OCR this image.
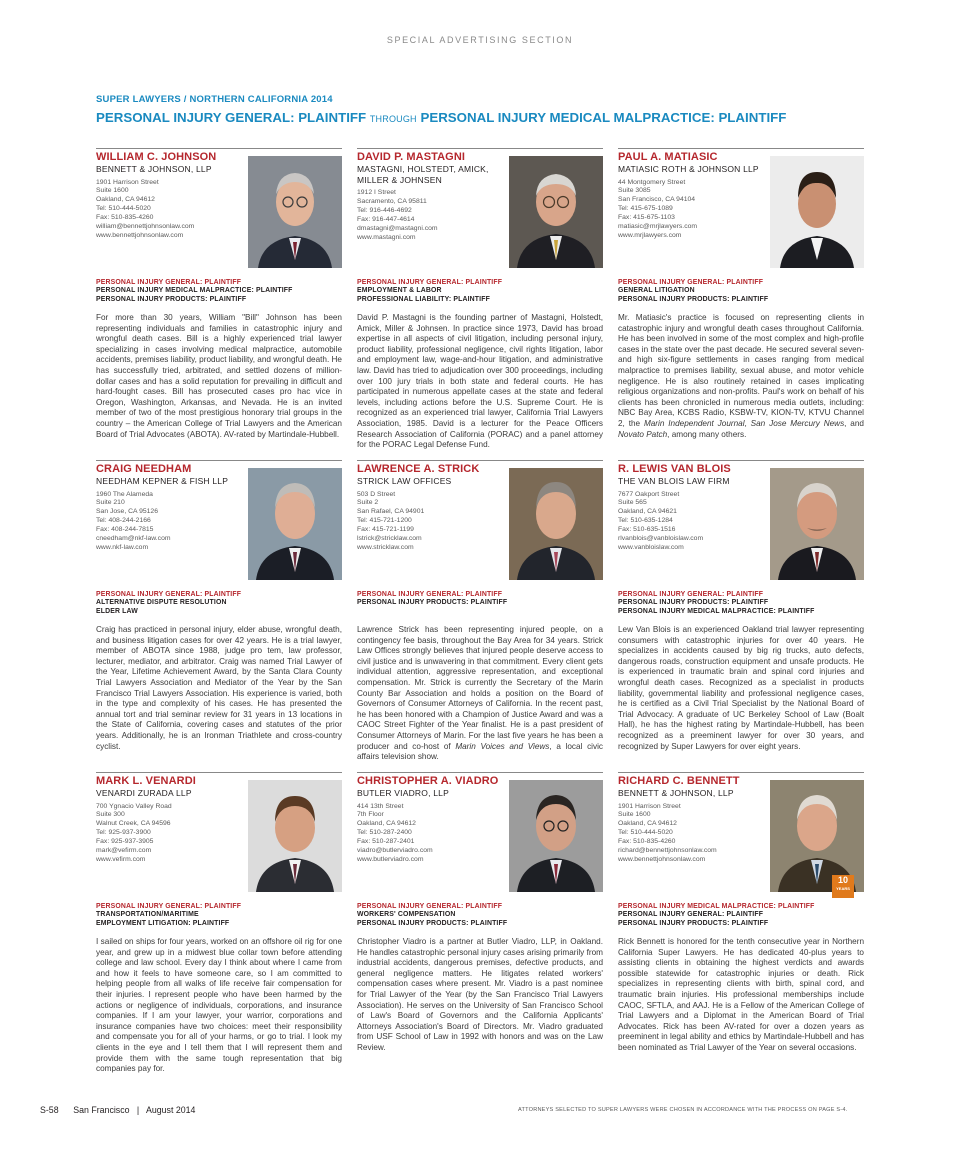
SPECIAL ADVERTISING SECTION
SUPER LAWYERS / NORTHERN CALIFORNIA 2014
PERSONAL INJURY GENERAL: PLAINTIFF THROUGH PERSONAL INJURY MEDICAL MALPRACTICE: PLAINTIFF
WILLIAM C. JOHNSON
BENNETT & JOHNSON, LLP
1901 Harrison Street
Suite 1600
Oakland, CA 94612
Tel: 510-444-5020
Fax: 510-835-4260
william@bennettjohnsonlaw.com
www.bennettjohnsonlaw.com
PERSONAL INJURY GENERAL: PLAINTIFF
PERSONAL INJURY MEDICAL MALPRACTICE: PLAINTIFF
PERSONAL INJURY PRODUCTS: PLAINTIFF
For more than 30 years, William "Bill" Johnson has been representing individuals and families in catastrophic injury and wrongful death cases. Bill is a highly experienced trial lawyer specializing in cases involving medical malpractice, automobile accidents, premises liability, product liability, and wrongful death. He has successfully tried, arbitrated, and settled dozens of million-dollar cases and has a solid reputation for prevailing in difficult and hard-fought cases. Bill has prosecuted cases pro hac vice in Oregon, Washington, Arkansas, and Nevada. He is an invited member of two of the most prestigious honorary trial groups in the country – the American College of Trial Lawyers and the American Board of Trial Advocates (ABOTA). AV-rated by Martindale-Hubbell.
DAVID P. MASTAGNI
MASTAGNI, HOLSTEDT, AMICK, MILLER & JOHNSEN
1912 I Street
Sacramento, CA 95811
Tel: 916-446-4692
Fax: 916-447-4614
dmastagni@mastagni.com
www.mastagni.com
PERSONAL INJURY GENERAL: PLAINTIFF
EMPLOYMENT & LABOR
PROFESSIONAL LIABILITY: PLAINTIFF
David P. Mastagni is the founding partner of Mastagni, Holstedt, Amick, Miller & Johnsen. In practice since 1973, David has broad expertise in all aspects of civil litigation, including personal injury, product liability, professional negligence, civil rights litigation, labor and employment law, wage-and-hour litigation, and administrative law. David has tried to adjudication over 300 proceedings, including over 100 jury trials in both state and federal courts. He has participated in numerous appellate cases at the state and federal levels, including actions before the U.S. Supreme Court. He is recognized as an experienced trial lawyer, California Trial Lawyers Association, 1985. David is a lecturer for the Peace Officers Research Association of California (PORAC) and a panel attorney for the PORAC Legal Defense Fund.
PAUL A. MATIASIC
MATIASIC ROTH & JOHNSON LLP
44 Montgomery Street
Suite 3085
San Francisco, CA 94104
Tel: 415-675-1089
Fax: 415-675-1103
matiasic@mrjlawyers.com
www.mrjlawyers.com
PERSONAL INJURY GENERAL: PLAINTIFF
GENERAL LITIGATION
PERSONAL INJURY PRODUCTS: PLAINTIFF
Mr. Matiasic's practice is focused on representing clients in catastrophic injury and wrongful death cases throughout California. He has been involved in some of the most complex and high-profile cases in the state over the past decade. He secured several seven- and high six-figure settlements in cases ranging from medical malpractice to premises liability, sexual abuse, and motor vehicle negligence. He is also routinely retained in cases implicating religious organizations and non-profits. Paul's work on behalf of his clients has been chronicled in numerous media outlets, including: NBC Bay Area, KCBS Radio, KSBW-TV, KION-TV, KTVU Channel 2, the Marin Independent Journal, San Jose Mercury News, and Novato Patch, among many others.
CRAIG NEEDHAM
NEEDHAM KEPNER & FISH LLP
1960 The Alameda
Suite 210
San Jose, CA 95126
Tel: 408-244-2166
Fax: 408-244-7815
cneedham@nkf-law.com
www.nkf-law.com
PERSONAL INJURY GENERAL: PLAINTIFF
ALTERNATIVE DISPUTE RESOLUTION
ELDER LAW
Craig has practiced in personal injury, elder abuse, wrongful death, and business litigation cases for over 42 years. He is a trial lawyer, member of ABOTA since 1988, judge pro tem, law professor, lecturer, mediator, and arbitrator. Craig was named Trial Lawyer of the Year, Lifetime Achievement Award, by the Santa Clara County Trial Lawyers Association and Mediator of the Year by the San Francisco Trial Lawyers Association. His experience is varied, both in the type and complexity of his cases. He has presented the annual tort and trial seminar review for 31 years in 13 locations in the State of California, covering cases and statutes of the prior years. Additionally, he is an Ironman Triathlete and cross-country cyclist.
LAWRENCE A. STRICK
STRICK LAW OFFICES
503 D Street
Suite 2
San Rafael, CA 94901
Tel: 415-721-1200
Fax: 415-721-1199
lstrick@stricklaw.com
www.stricklaw.com
PERSONAL INJURY GENERAL: PLAINTIFF
PERSONAL INJURY PRODUCTS: PLAINTIFF
Lawrence Strick has been representing injured people, on a contingency fee basis, throughout the Bay Area for 34 years. Strick Law Offices strongly believes that injured people deserve access to civil justice and is unwavering in that commitment. Every client gets individual attention, aggressive representation, and exceptional compensation. Mr. Strick is currently the Secretary of the Marin County Bar Association and holds a position on the Board of Governors of Consumer Attorneys of California. In the recent past, he has been honored with a Champion of Justice Award and was a CAOC Street Fighter of the Year finalist. He is a past president of Consumer Attorneys of Marin. For the last five years he has been a producer and co-host of Marin Voices and Views, a local civic affairs television show.
R. LEWIS VAN BLOIS
THE VAN BLOIS LAW FIRM
7677 Oakport Street
Suite 565
Oakland, CA 94621
Tel: 510-635-1284
Fax: 510-635-1516
rlvanblois@vanbloislaw.com
www.vanbloislaw.com
PERSONAL INJURY GENERAL: PLAINTIFF
PERSONAL INJURY PRODUCTS: PLAINTIFF
PERSONAL INJURY MEDICAL MALPRACTICE: PLAINTIFF
Lew Van Blois is an experienced Oakland trial lawyer representing consumers with catastrophic injuries for over 40 years. He specializes in accidents caused by big rig trucks, auto defects, dangerous roads, construction equipment and unsafe products. He is experienced in traumatic brain and spinal cord injuries and wrongful death cases. Recognized as a specialist in products liability, governmental liability and professional negligence cases, he is certified as a Civil Trial Specialist by the National Board of Trial Advocacy. A graduate of UC Berkeley School of Law (Boalt Hall), he has the highest rating by Martindale-Hubbell, has been recognized as a preeminent lawyer for over 30 years, and recognized by Super Lawyers for over eight years.
MARK L. VENARDI
VENARDI ZURADA LLP
700 Ygnacio Valley Road
Suite 300
Walnut Creek, CA 94596
Tel: 925-937-3900
Fax: 925-937-3905
mark@vefirm.com
www.vefirm.com
PERSONAL INJURY GENERAL: PLAINTIFF
TRANSPORTATION/MARITIME
EMPLOYMENT LITIGATION: PLAINTIFF
I sailed on ships for four years, worked on an offshore oil rig for one year, and grew up in a midwest blue collar town before attending college and law school. Every day I think about where I came from and how it feels to have someone care, so I am committed to helping people from all walks of life receive fair compensation for their injuries. I represent people who have been harmed by the actions or negligence of individuals, corporations, and insurance companies. If I am your lawyer, your warrior, corporations and insurance companies have two choices: meet their responsibility and compensate you for all of your harms, or go to trial. I look my clients in the eye and I tell them that I will represent them and provide them with the same tough representation that big companies pay for.
CHRISTOPHER A. VIADRO
BUTLER VIADRO, LLP
414 13th Street
7th Floor
Oakland, CA 94612
Tel: 510-287-2400
Fax: 510-287-2401
viadro@butlerviadro.com
www.butlerviadro.com
PERSONAL INJURY GENERAL: PLAINTIFF
WORKERS' COMPENSATION
PERSONAL INJURY PRODUCTS: PLAINTIFF
Christopher Viadro is a partner at Butler Viadro, LLP, in Oakland. He handles catastrophic personal injury cases arising primarily from industrial accidents, dangerous premises, defective products, and general negligence matters. He litigates related workers' compensation cases where present. Mr. Viadro is a past nominee for Trial Lawyer of the Year (by the San Francisco Trial Lawyers Association). He serves on the University of San Francisco School of Law's Board of Governors and the California Applicants' Attorneys Association's Board of Directors. Mr. Viadro graduated from USF School of Law in 1992 with honors and was on the Law Review.
RICHARD C. BENNETT
BENNETT & JOHNSON, LLP
1901 Harrison Street
Suite 1600
Oakland, CA 94612
Tel: 510-444-5020
Fax: 510-835-4260
richard@bennettjohnsonlaw.com
www.bennettjohnsonlaw.com
10
YEARS
PERSONAL INJURY MEDICAL MALPRACTICE: PLAINTIFF
PERSONAL INJURY GENERAL: PLAINTIFF
PERSONAL INJURY PRODUCTS: PLAINTIFF
Rick Bennett is honored for the tenth consecutive year in Northern California Super Lawyers. He has dedicated 40-plus years to assisting clients in obtaining the highest verdicts and awards possible statewide for catastrophic injuries or death. Rick specializes in representing clients with birth, spinal cord, and traumatic brain injuries. His professional memberships include CAOC, SFTLA, and AAJ. He is a Fellow of the American College of Trial Lawyers and a Diplomat in the American Board of Trial Advocates. Rick has been AV-rated for over a dozen years as preeminent in legal ability and ethics by Martindale-Hubbell and has been nominated as Trial Lawyer of the Year on several occasions.
S-58 San Francisco | August 2014	ATTORNEYS SELECTED TO SUPER LAWYERS WERE CHOSEN IN ACCORDANCE WITH THE PROCESS ON PAGE S-4.
